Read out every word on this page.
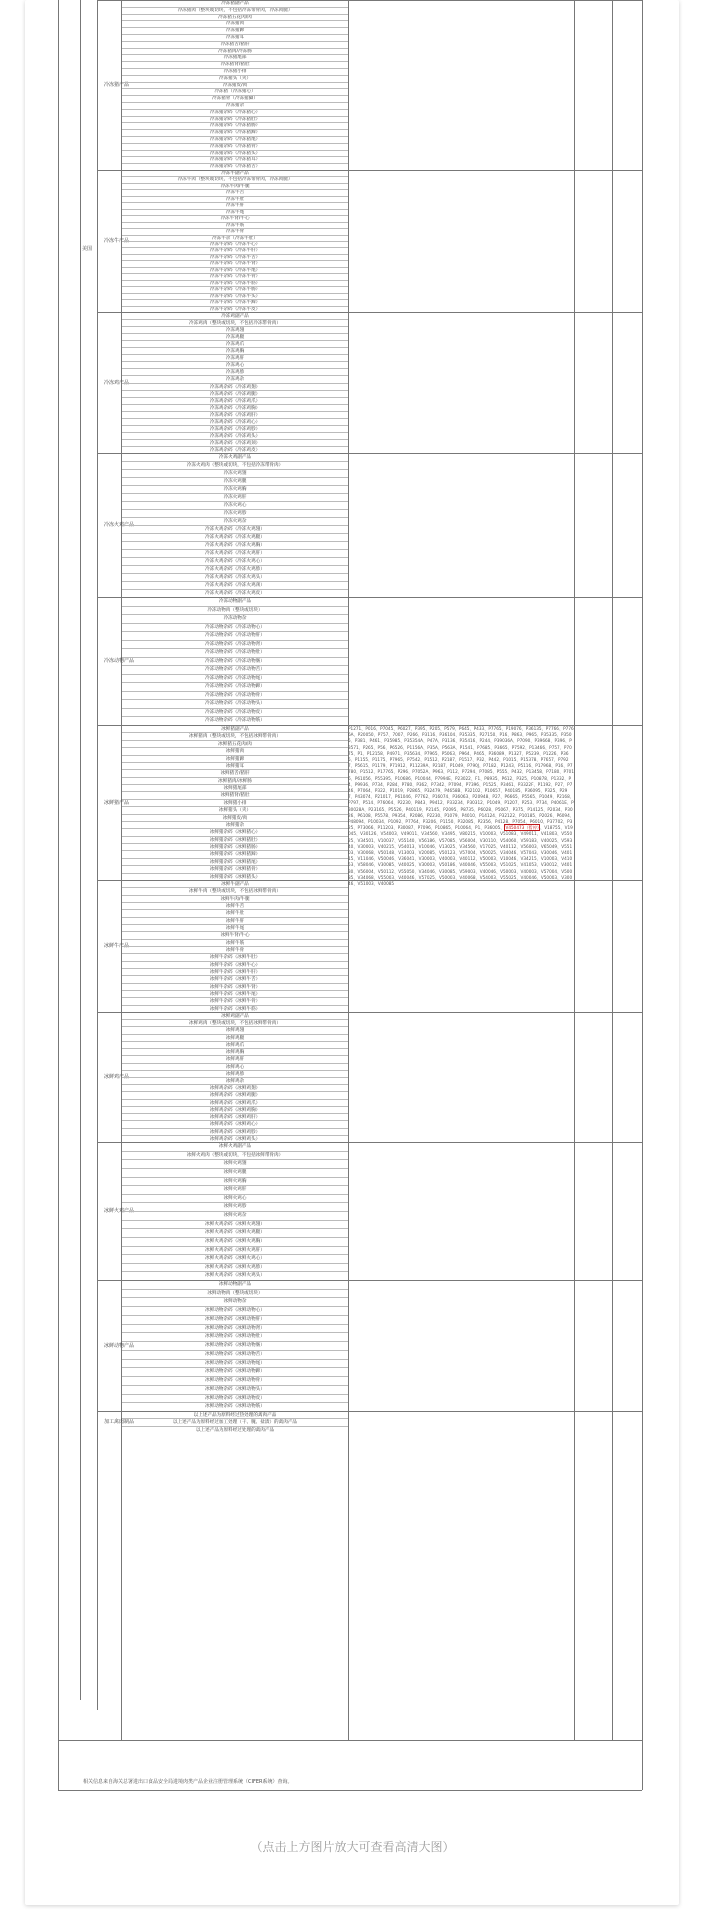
美国
冷冻猪产品
冷冻猪副产品
冷冻猪肉（整块或切块，不包括冷冻带骨肉，冷冻肉腿）
冷冻猪五花肉/肉
冷冻猪肉
冷冻猪蹄
冷冻猪耳
冷冻猪舌/猪肝
冷冻猪肉/冷冻肠
冷冻猪尾部
冷冻猪肾/猪肚
冷冻猪小排
冷冻猪头（夹）
冷冻猪皮/肉
冷冻猪（冷冻猪心）
冷冻猪骨（冷冻猪脚）
冷冻猪杂
冷冻猪杂碎（冷冻猪心）
冷冻猪杂碎（冷冻猪肚）
冷冻猪杂碎（冷冻猪肠）
冷冻猪杂碎（冷冻猪蹄）
冷冻猪杂碎（冷冻猪尾）
冷冻猪杂碎（冷冻猪骨）
冷冻猪杂碎（冷冻猪头）
冷冻猪杂碎（冷冻猪耳）
冷冻猪杂碎（冷冻猪舌）
冷冻牛产品
冷冻牛副产品
冷冻牛肉（整块或切块，不包括冷冻带骨肉，冷冻肉腿）
冷冻牛肉/牛腿
冷冻牛舌
冷冻牛肚
冷冻牛肝
冷冻牛尾
冷冻牛肾/牛心
冷冻牛筋
冷冻牛骨
冷冻牛杂（冷冻牛肚）
冷冻牛杂碎（冷冻牛心）
冷冻牛杂碎（冷冻牛肝）
冷冻牛杂碎（冷冻牛舌）
冷冻牛杂碎（冷冻牛肾）
冷冻牛杂碎（冷冻牛尾）
冷冻牛杂碎（冷冻牛骨）
冷冻牛杂碎（冷冻牛筋）
冷冻牛杂碎（冷冻牛肠）
冷冻牛杂碎（冷冻牛头）
冷冻牛杂碎（冷冻牛蹄）
冷冻牛杂碎（冷冻牛皮）
冷冻鸡产品
冷冻鸡副产品
冷冻鸡肉（整块或切块，不包括冷冻带骨肉）
冷冻鸡翅
冷冻鸡腿
冷冻鸡爪
冷冻鸡胸
冷冻鸡肝
冷冻鸡心
冷冻鸡胗
冷冻鸡杂
冷冻鸡杂碎（冷冻鸡翅）
冷冻鸡杂碎（冷冻鸡腿）
冷冻鸡杂碎（冷冻鸡爪）
冷冻鸡杂碎（冷冻鸡胸）
冷冻鸡杂碎（冷冻鸡肝）
冷冻鸡杂碎（冷冻鸡心）
冷冻鸡杂碎（冷冻鸡胗）
冷冻鸡杂碎（冷冻鸡头）
冷冻鸡杂碎（冷冻鸡颈）
冷冻鸡杂碎（冷冻鸡皮）
冷冻火鸡产品
冷冻火鸡副产品
冷冻火鸡肉（整块或切块，不包括冷冻带骨肉）
冷冻火鸡翅
冷冻火鸡腿
冷冻火鸡胸
冷冻火鸡肝
冷冻火鸡心
冷冻火鸡胗
冷冻火鸡杂
冷冻火鸡杂碎（冷冻火鸡翅）
冷冻火鸡杂碎（冷冻火鸡腿）
冷冻火鸡杂碎（冷冻火鸡胸）
冷冻火鸡杂碎（冷冻火鸡肝）
冷冻火鸡杂碎（冷冻火鸡心）
冷冻火鸡杂碎（冷冻火鸡胗）
冷冻火鸡杂碎（冷冻火鸡头）
冷冻火鸡杂碎（冷冻火鸡颈）
冷冻火鸡杂碎（冷冻火鸡皮）
冷冻动物产品
冷冻动物副产品
冷冻动物肉（整块或切块）
冷冻动物杂
冷冻动物杂碎（冷冻动物心）
冷冻动物杂碎（冷冻动物肝）
冷冻动物杂碎（冷冻动物肾）
冷冻动物杂碎（冷冻动物肚）
冷冻动物杂碎（冷冻动物肠）
冷冻动物杂碎（冷冻动物舌）
冷冻动物杂碎（冷冻动物尾）
冷冻动物杂碎（冷冻动物蹄）
冷冻动物杂碎（冷冻动物骨）
冷冻动物杂碎（冷冻动物头）
冷冻动物杂碎（冷冻动物皮）
冷冻动物杂碎（冷冻动物筋）
冰鲜猪产品
冰鲜猪副产品
冰鲜猪肉（整块或切块，不包括冰鲜带骨肉）
冰鲜猪五花肉/肉
冰鲜猪肉
冰鲜猪蹄
冰鲜猪耳
冰鲜猪舌/猪肝
冰鲜猪肉/冰鲜肠
冰鲜猪尾部
冰鲜猪肾/猪肚
冰鲜猪小排
冰鲜猪头（夹）
冰鲜猪皮/肉
冰鲜猪杂
冰鲜猪杂碎（冰鲜猪心）
冰鲜猪杂碎（冰鲜猪肚）
冰鲜猪杂碎（冰鲜猪肠）
冰鲜猪杂碎（冰鲜猪蹄）
冰鲜猪杂碎（冰鲜猪尾）
冰鲜猪杂碎（冰鲜猪骨）
冰鲜猪杂碎（冰鲜猪头）
冰鲜牛产品
冰鲜牛副产品
冰鲜牛肉（整块或切块，不包括冰鲜带骨肉）
冰鲜牛肉/牛腿
冰鲜牛舌
冰鲜牛肚
冰鲜牛肝
冰鲜牛尾
冰鲜牛肾/牛心
冰鲜牛筋
冰鲜牛骨
冰鲜牛杂碎（冰鲜牛肚）
冰鲜牛杂碎（冰鲜牛心）
冰鲜牛杂碎（冰鲜牛肝）
冰鲜牛杂碎（冰鲜牛舌）
冰鲜牛杂碎（冰鲜牛肾）
冰鲜牛杂碎（冰鲜牛尾）
冰鲜牛杂碎（冰鲜牛骨）
冰鲜牛杂碎（冰鲜牛筋）
冰鲜鸡产品
冰鲜鸡副产品
冰鲜鸡肉（整块或切块，不包括冰鲜带骨肉）
冰鲜鸡翅
冰鲜鸡腿
冰鲜鸡爪
冰鲜鸡胸
冰鲜鸡肝
冰鲜鸡心
冰鲜鸡胗
冰鲜鸡杂
冰鲜鸡杂碎（冰鲜鸡翅）
冰鲜鸡杂碎（冰鲜鸡腿）
冰鲜鸡杂碎（冰鲜鸡爪）
冰鲜鸡杂碎（冰鲜鸡胸）
冰鲜鸡杂碎（冰鲜鸡肝）
冰鲜鸡杂碎（冰鲜鸡心）
冰鲜鸡杂碎（冰鲜鸡胗）
冰鲜鸡杂碎（冰鲜鸡头）
冰鲜火鸡产品
冰鲜火鸡副产品
冰鲜火鸡肉（整块或切块，不包括冰鲜带骨肉）
冰鲜火鸡翅
冰鲜火鸡腿
冰鲜火鸡胸
冰鲜火鸡肝
冰鲜火鸡心
冰鲜火鸡胗
冰鲜火鸡杂
冰鲜火鸡杂碎（冰鲜火鸡翅）
冰鲜火鸡杂碎（冰鲜火鸡腿）
冰鲜火鸡杂碎（冰鲜火鸡胸）
冰鲜火鸡杂碎（冰鲜火鸡肝）
冰鲜火鸡杂碎（冰鲜火鸡心）
冰鲜火鸡杂碎（冰鲜火鸡胗）
冰鲜火鸡杂碎（冰鲜火鸡头）
冰鲜动物产品
冰鲜动物副产品
冰鲜动物肉（整块或切块）
冰鲜动物杂
冰鲜动物杂碎（冰鲜动物心）
冰鲜动物杂碎（冰鲜动物肝）
冰鲜动物杂碎（冰鲜动物肾）
冰鲜动物杂碎（冰鲜动物肚）
冰鲜动物杂碎（冰鲜动物肠）
冰鲜动物杂碎（冰鲜动物舌）
冰鲜动物杂碎（冰鲜动物尾）
冰鲜动物杂碎（冰鲜动物蹄）
冰鲜动物杂碎（冰鲜动物骨）
冰鲜动物杂碎（冰鲜动物头）
冰鲜动物杂碎（冰鲜动物皮）
冰鲜动物杂碎（冰鲜动物筋）
加工禽肉制品
以上述产品为原料经过热处理的禽肉产品
以上述产品为原料经过加工处理（干、腌、盐渍）的禽肉产品
以上述产品为原料经过处理的禽肉产品
P1271、P016、P7045、P6027、P395、P205、P579、P645、P433、P7765、P19076、P36135、P7766、P7766A、P20050、P757、7007、P266、P3116、P36104、P35335、P27150、P16、P863、P965、P35335、P3505、P381、P461、P35985、P35354A、P47A、P3136、P35416、P244、P39036A、P7090、P39668、P396、P3571、P265、P56、P6526、P1156A、P35A、P563A、P1541、P7685、P3665、P7592、P13466、P757、P7075、P1、P12158、P4971、P35634、P7965、P5063、P964、P465、P36089、P1327、P5239、P1226、P365、P1155、P1175、P7965、P7542、P1512、P2187、P1517、P32、P442、P1015、P15378、P7657、P7927、P5615、P1179、P71912、P11239A、P2187、P1049、P790J、P7182、P1243、P5116、P17968、P16、P7780、P1512、P17765、P296、P7052A、P963、P112、P7294、P7085、P555、P432、P13458、P7180、P7016、P61056、P55395、P10686、P10044、P7994E、P23022、F1、P8935、P612、P325、P10878、P1332、P4、P9936、P734、P284、P780、P362、P7342、P7094、P7396、P1525、P3461、P3322F、P1192、P27、P746、P7064、P322、P1019、P2865、P32479、P4658B、P32102、P10657、P40185、P36095、P325、P297、P43074、P21017、P61046、P7762、P16074、P36063、P20948、P27、P6665、P5565、P1049、P2168、P797、P514、P76064、P2230、P843、P9412、P33234、P30312、P1049、P1207、P253、P734、P4061E、P30028A、P23165、P5526、P40119、P2145、P2095、P8735、P6028、P5067、P375、P14125、P2034、P3026、P6108、P5578、P9354、P2086、P2230、P1079、P4010、P14124、P32122、P10185、P2026、P6094、P48094、P10034、P1092、P7764、P3206、P1150、P32085、P2356、P4128、P7054、P6010、P37702、P325、P73066、P11203、P30087、P7096、P10865、P10064、P1、P36005、V450473（暂停）、V18755、V19045、V30126、V54003、V49011、V34560、V3495、V80215、V10003、V51083、V49011、V41803、V55025、V34501、V10037、V55140、V56186、V57085、V56004、V30110、V54060、V59183、V40025、V59340、V30003、V40215、V54013、V10046、V13025、V34560、V17025、V40112、V56003、V65049、V55103、V30068、V50148、V13003、V20085、V50123、V57004、V50025、V34046、V57043、V30046、V40115、V11046、V50046、V36041、V30003、V40003、V40112、V50003、V10046、V34215、V10003、V41053、V58046、V30085、V40025、V30003、V50186、V40046、V55003、V51025、V41053、V30012、V40130、V56004、V50112、V55050、V34046、V30085、V59003、V40046、V50003、V40003、V57004、V50085、V34068、V55003、V40046、V57025、V50003、V40068、V54003、V55025、V40046、V50003、V30046、V51003、V40085
相关信息来自海关总署进出口食品安全局进境肉类产品企业注册管理系统（CIFER系统）查询。
（点击上方图片放大可查看高清大图）
